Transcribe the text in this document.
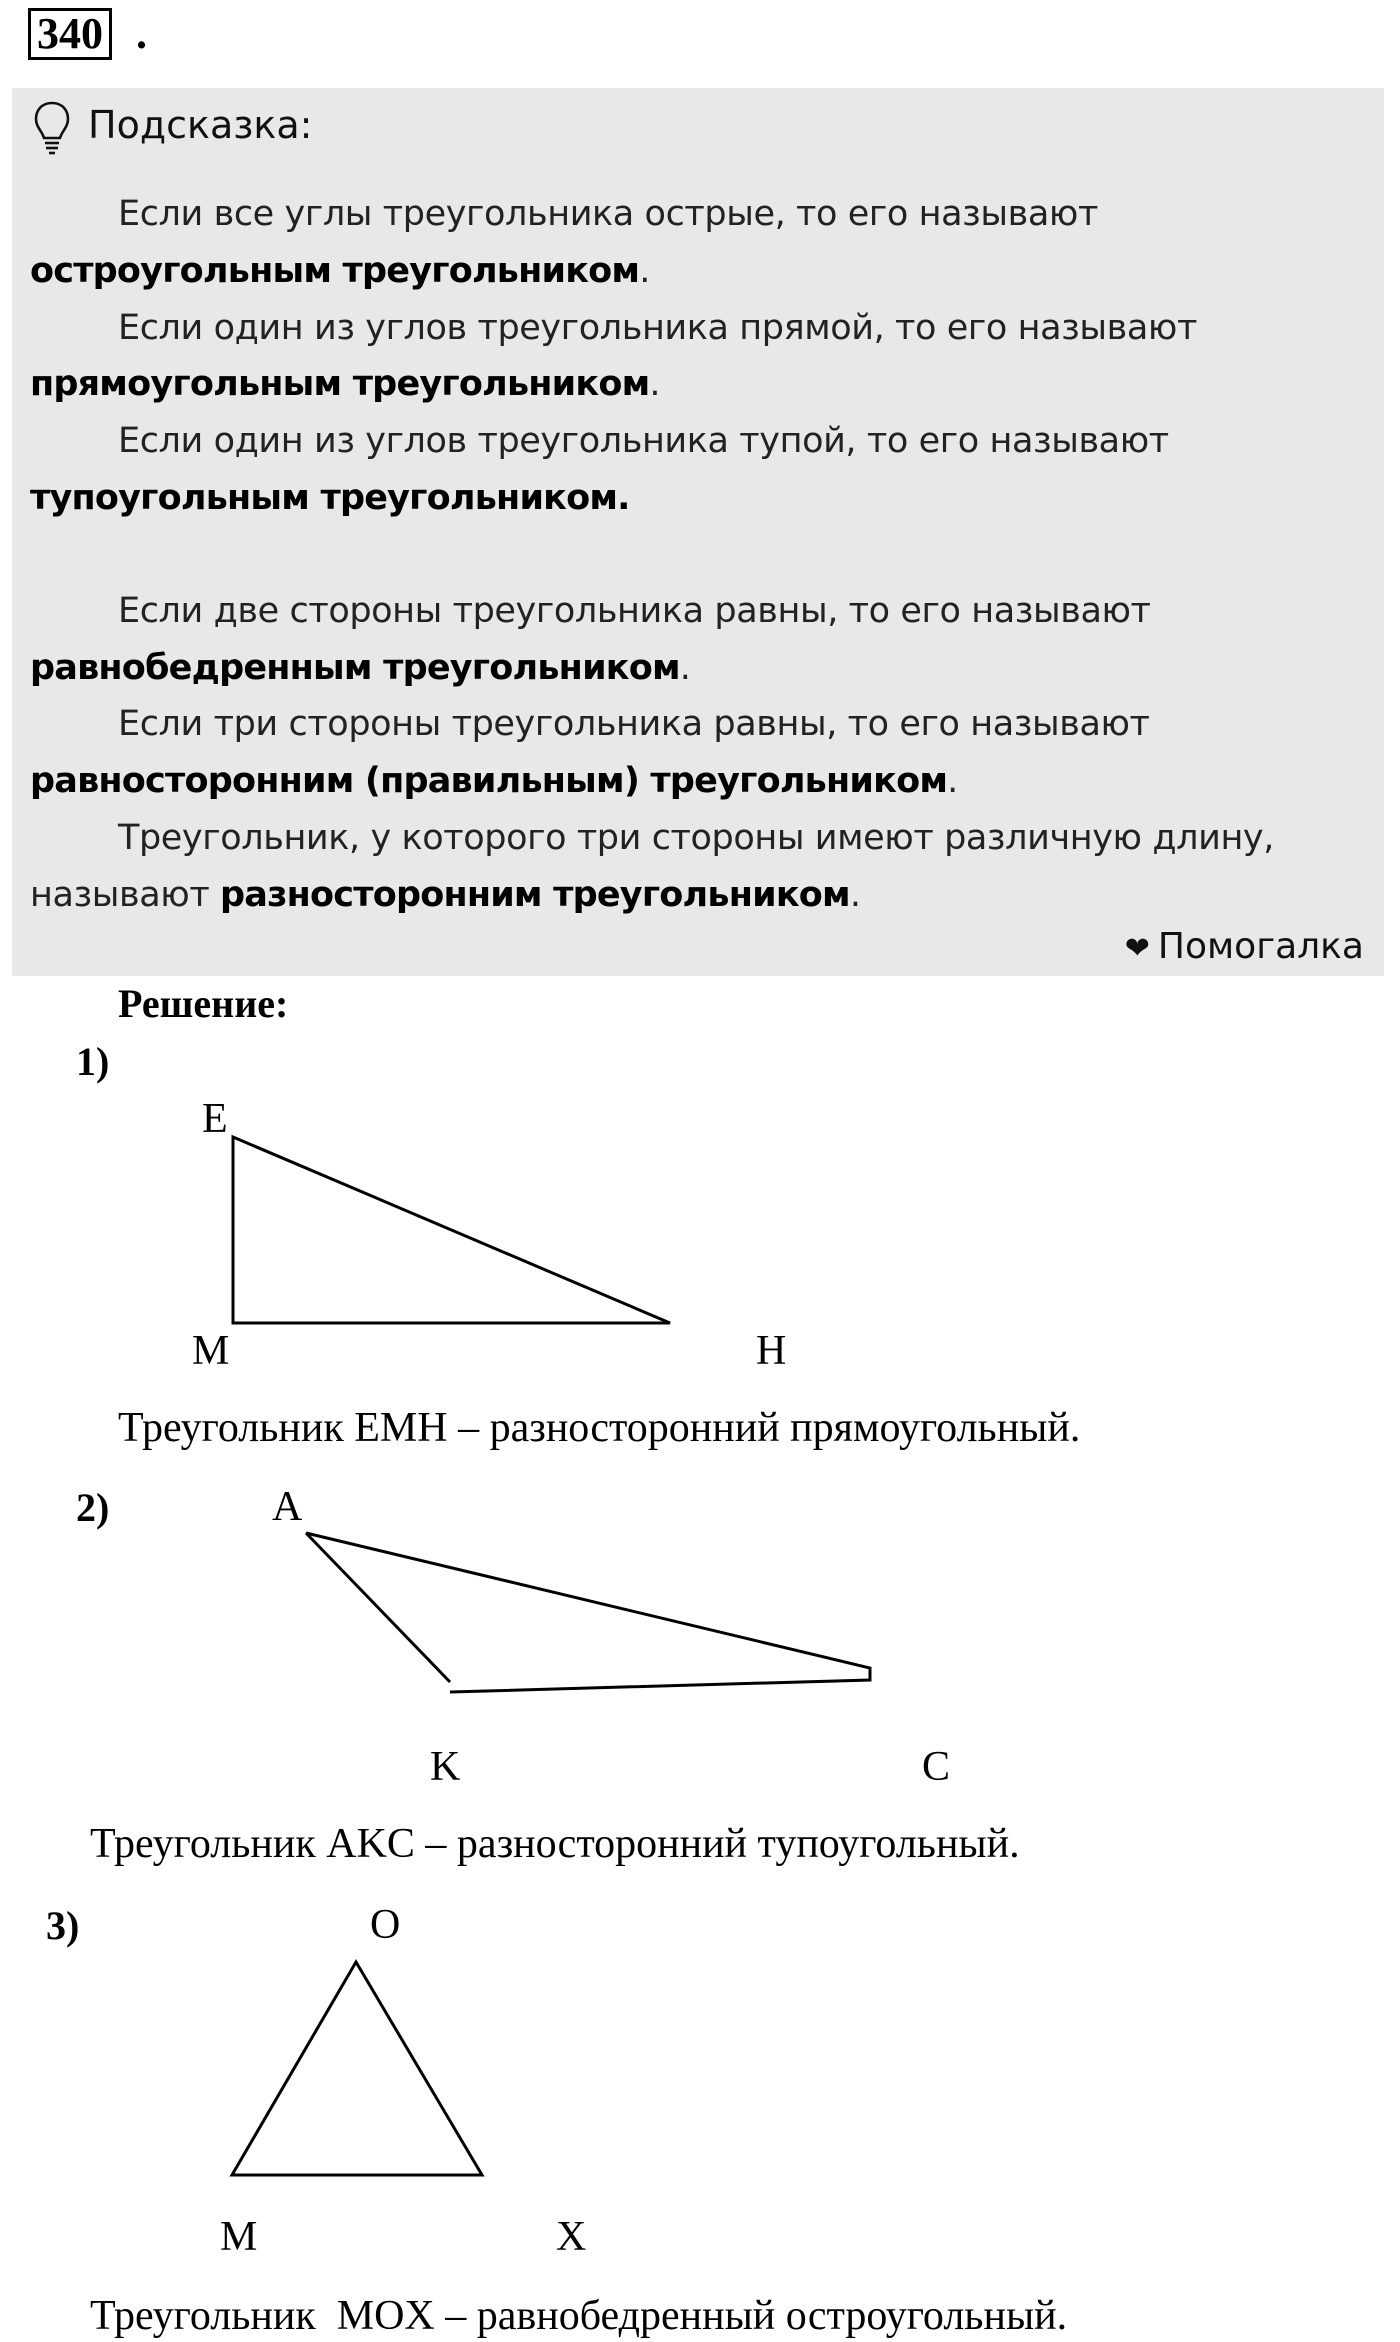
340 .
Подсказка:

Если все углы треугольника острые, то его называют остроугольным треугольником.

Если один из углов треугольника прямой, то его называют прямоугольным треугольником.

Если один из углов треугольника тупой, то его называют тупоугольным треугольником.

Если две стороны треугольника равны, то его называют равнобедренным треугольником.

Если три стороны треугольника равны, то его называют равносторонним (правильным) треугольником.

Треугольник, у которого три стороны имеют различную длину, называют разносторонним треугольником.

❤ Помогалка
Решение:
1)
E
M	H
Треугольник EMH – разносторонний прямоугольный.
2)	A
K	C
Треугольник AKC – разносторонний тупоугольный.
3)	O
M	X
Треугольник  MOX – равнобедренный остроугольный.
